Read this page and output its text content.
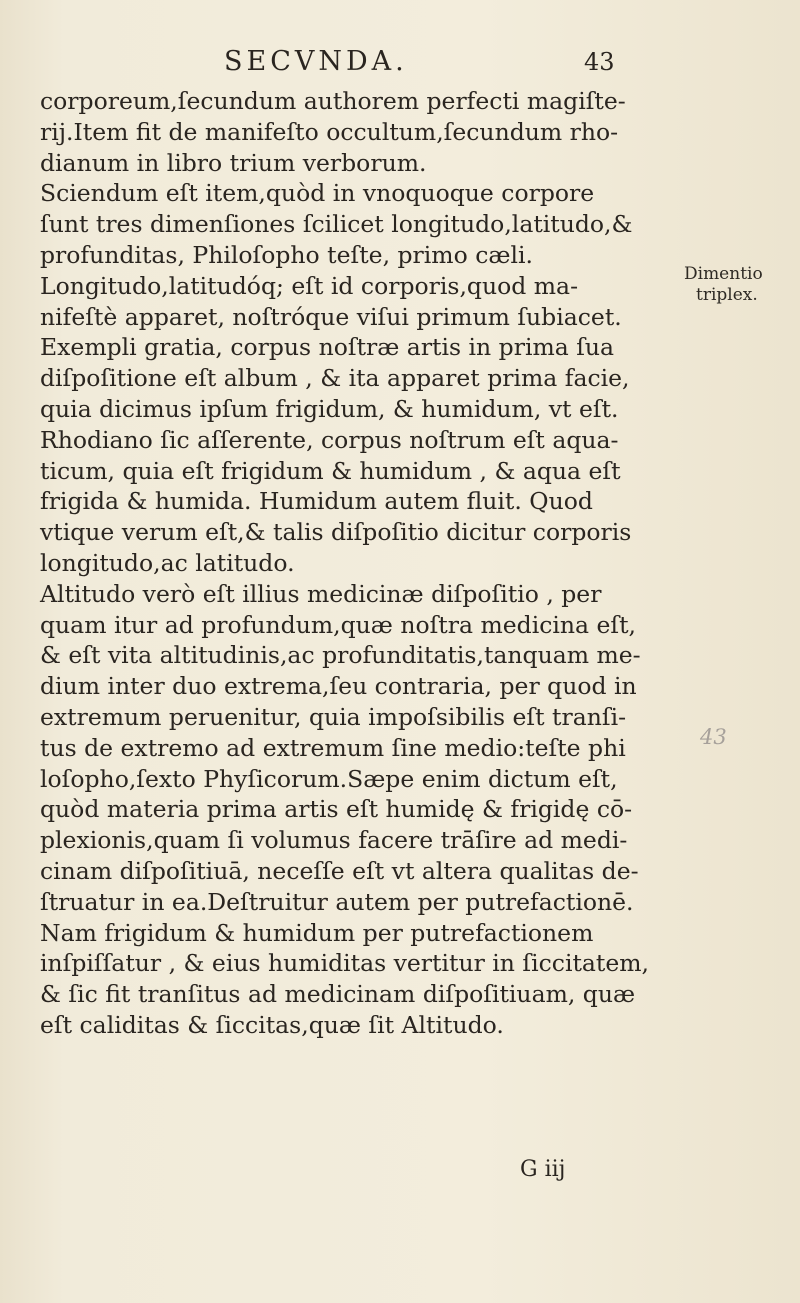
SECVNDA.	43
corporeum,ſecundum authorem perfecti magiſte-
rij.Item fit de manifeſto occultum,ſecundum rho-
dianum in libro trium verborum.
Sciendum eſt item,quòd in vnoquoque corpore
ſunt tres dimenſiones ſcilicet longitudo,latitudo,&
profunditas, Philoſopho teſte, primo cæli.
Longitudo,latitudóq; eſt id corporis,quod ma-
nifeſtè apparet, noſtróque viſui primum ſubiacet.
Exempli gratia, corpus noſtræ artis in prima ſua
diſpoſitione eſt album , & ita apparet prima facie,
quia dicimus ipſum frigidum, & humidum, vt eſt.
Rhodiano ſic aſſerente, corpus noſtrum eſt aqua-
ticum, quia eſt frigidum & humidum , & aqua eſt
frigida & humida. Humidum autem fluit. Quod
vtique verum eſt,& talis diſpoſitio dicitur corporis
longitudo,ac latitudo.
Altitudo verò eſt illius medicinæ diſpoſitio , per
quam itur ad profundum,quæ noſtra medicina eſt,
& eſt vita altitudinis,ac profunditatis,tanquam me-
dium inter duo extrema,ſeu contraria, per quod in
extremum peruenitur, quia impoſsibilis eſt tranſi-
tus de extremo ad extremum ſine medio:teſte phi
loſopho,ſexto Phyſicorum.Sæpe enim dictum eſt,
quòd materia prima artis eſt humidę & frigidę cō-
plexionis,quam ſi volumus facere trāſire ad medi-
cinam diſpoſitiuā, neceſſe eſt vt altera qualitas de-
ſtruatur in ea.Deſtruitur autem per putrefactionē.
Nam frigidum & humidum per putrefactionem
inſpiſſatur , & eius humiditas vertitur in ſiccitatem,
& ſic fit tranſitus ad medicinam diſpoſitiuam, quæ
eſt caliditas & ſiccitas,quæ ſit Altitudo.
Dimentio
triplex.
43
G iij
